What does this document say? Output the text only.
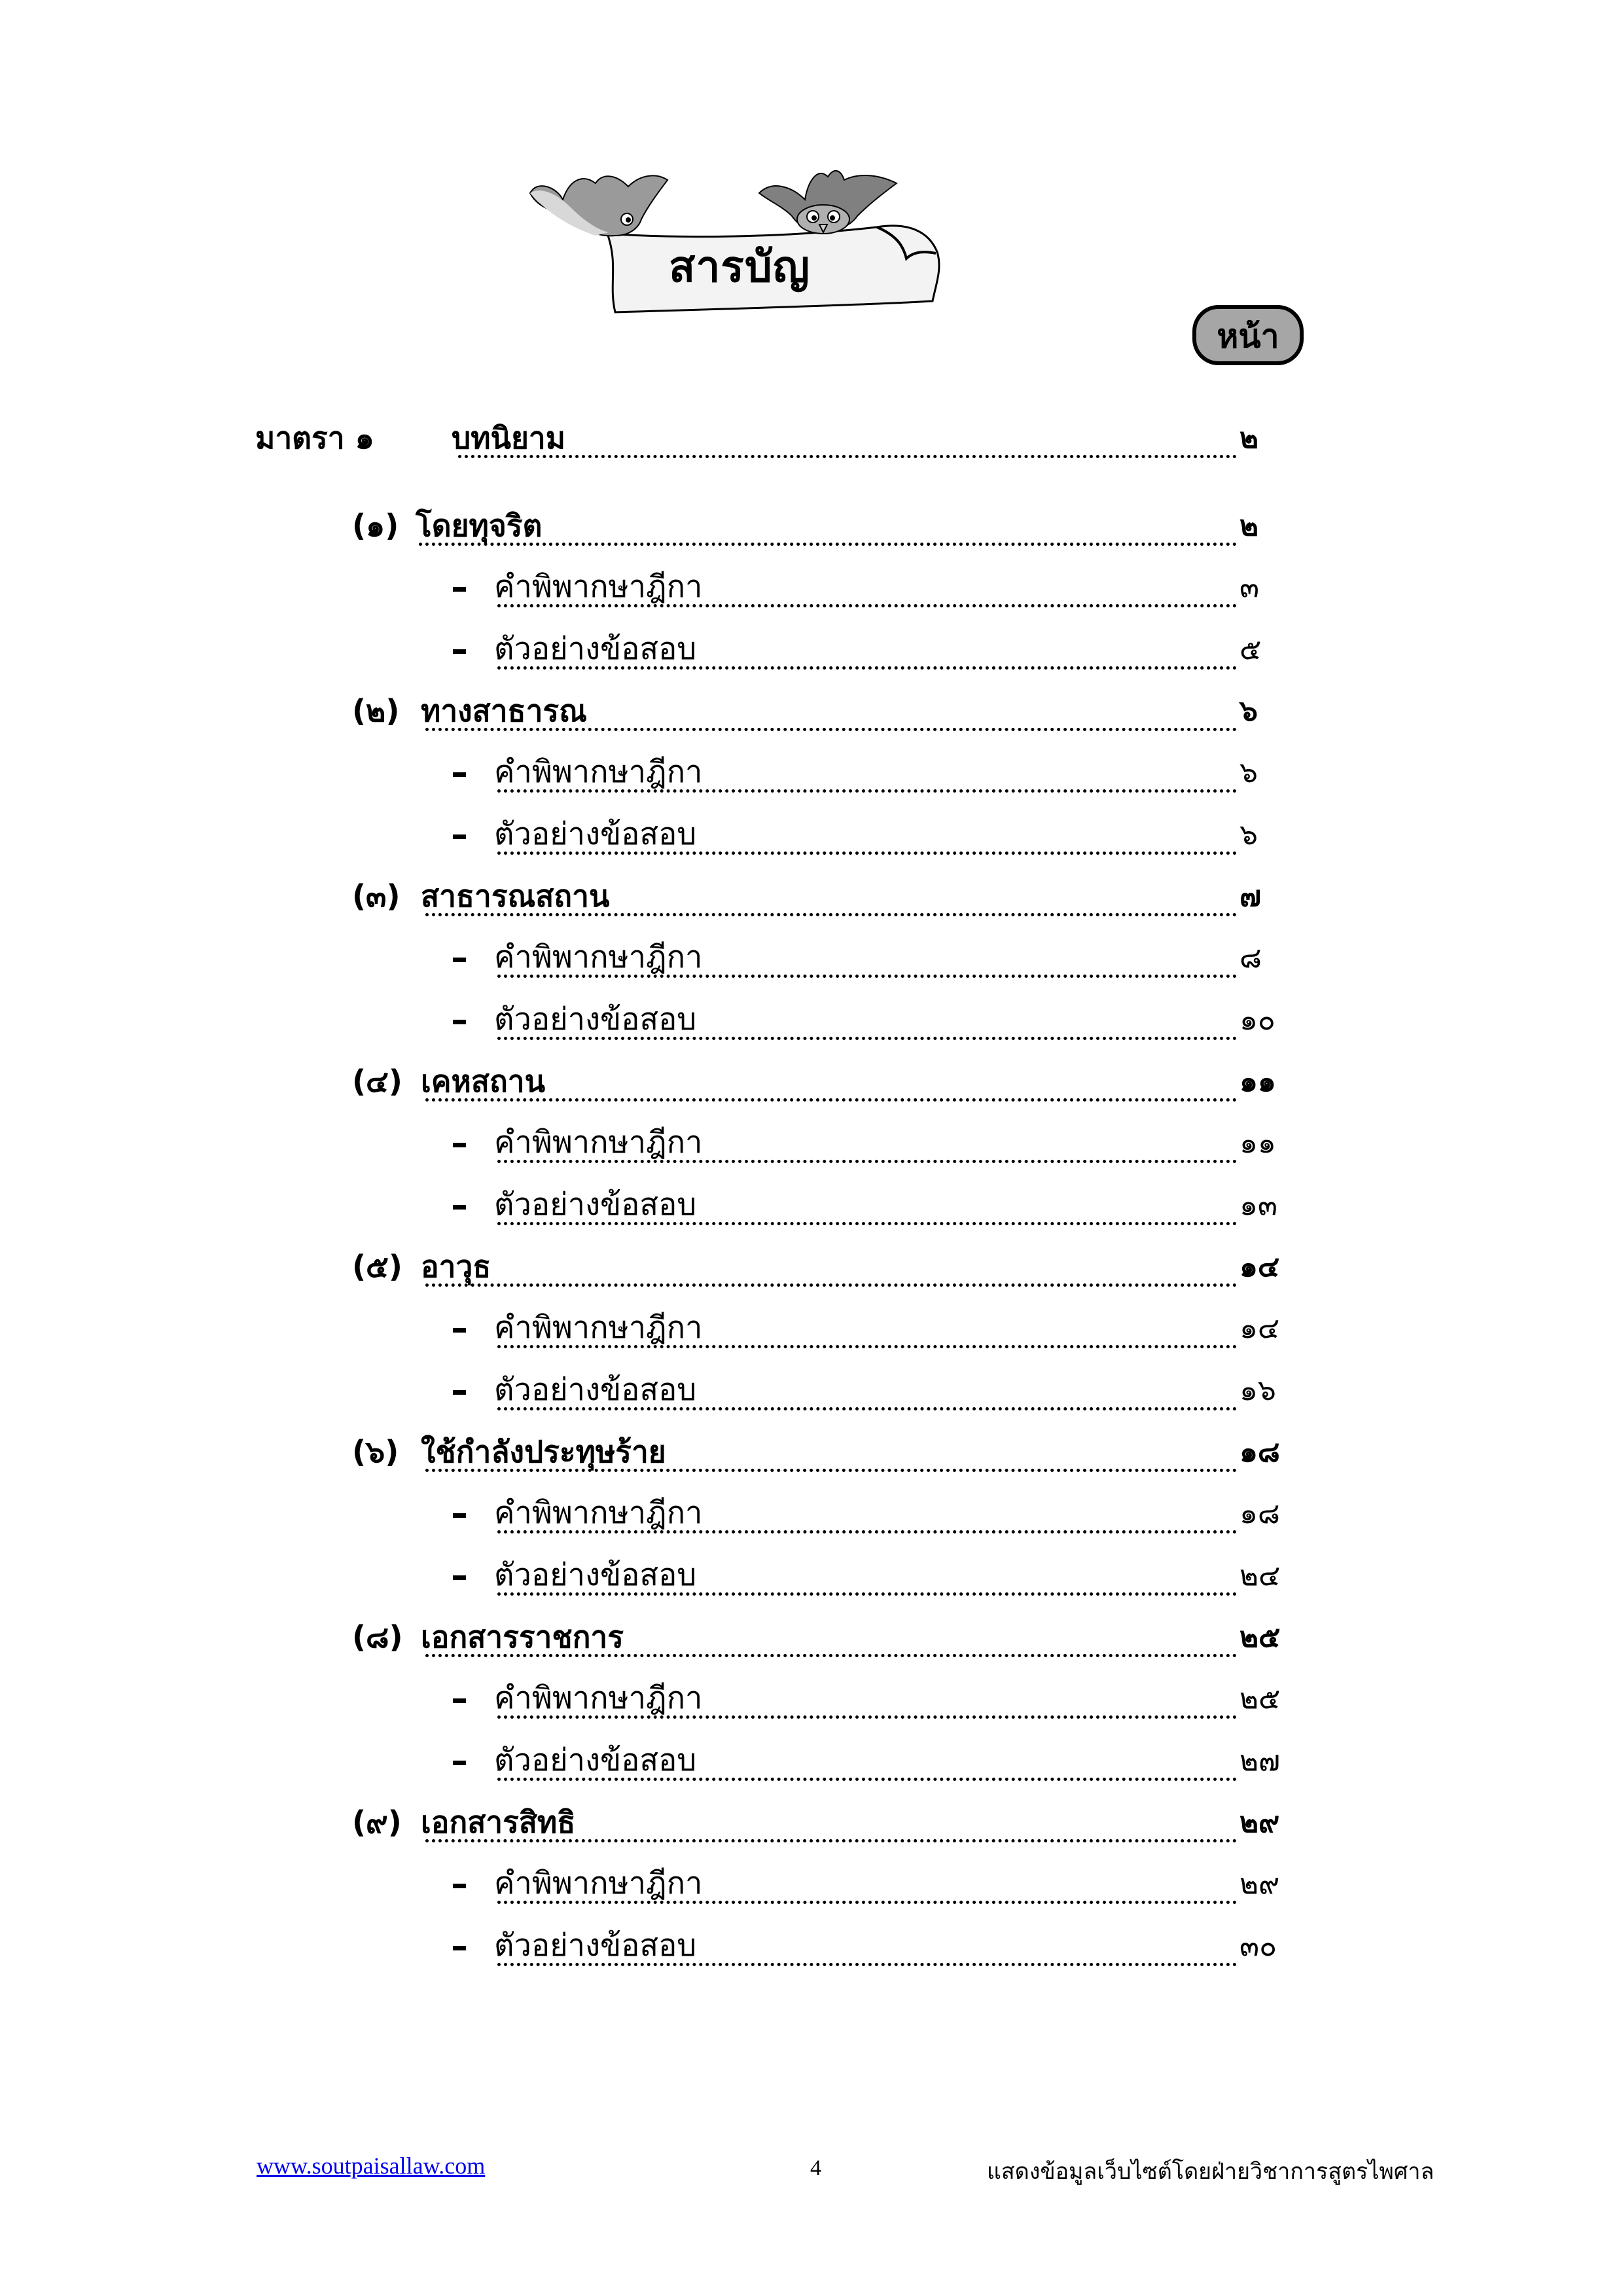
สารบัญ
หน้า
มาตรา ๑	บทนิยาม	๒
(๑) โดยทุจริต	๒
คำพิพากษาฎีกา	๓
ตัวอย่างข้อสอบ	๕
(๒) ทางสาธารณ	๖
คำพิพากษาฎีกา	๖
ตัวอย่างข้อสอบ	๖
(๓) สาธารณสถาน	๗
คำพิพากษาฎีกา	๘
ตัวอย่างข้อสอบ	๑๐
(๔) เคหสถาน	๑๑
คำพิพากษาฎีกา	๑๑
ตัวอย่างข้อสอบ	๑๓
(๕) อาวุธ	๑๔
คำพิพากษาฎีกา	๑๔
ตัวอย่างข้อสอบ	๑๖
(๖) ใช้กำลังประทุษร้าย	๑๘
คำพิพากษาฎีกา	๑๘
ตัวอย่างข้อสอบ	๒๔
(๘) เอกสารราชการ	๒๕
คำพิพากษาฎีกา	๒๕
ตัวอย่างข้อสอบ	๒๗
(๙) เอกสารสิทธิ	๒๙
คำพิพากษาฎีกา	๒๙
ตัวอย่างข้อสอบ	๓๐
www.soutpaisallaw.com	4	แสดงข้อมูลเว็บไซต์โดยฝ่ายวิชาการสูตรไพศาล
